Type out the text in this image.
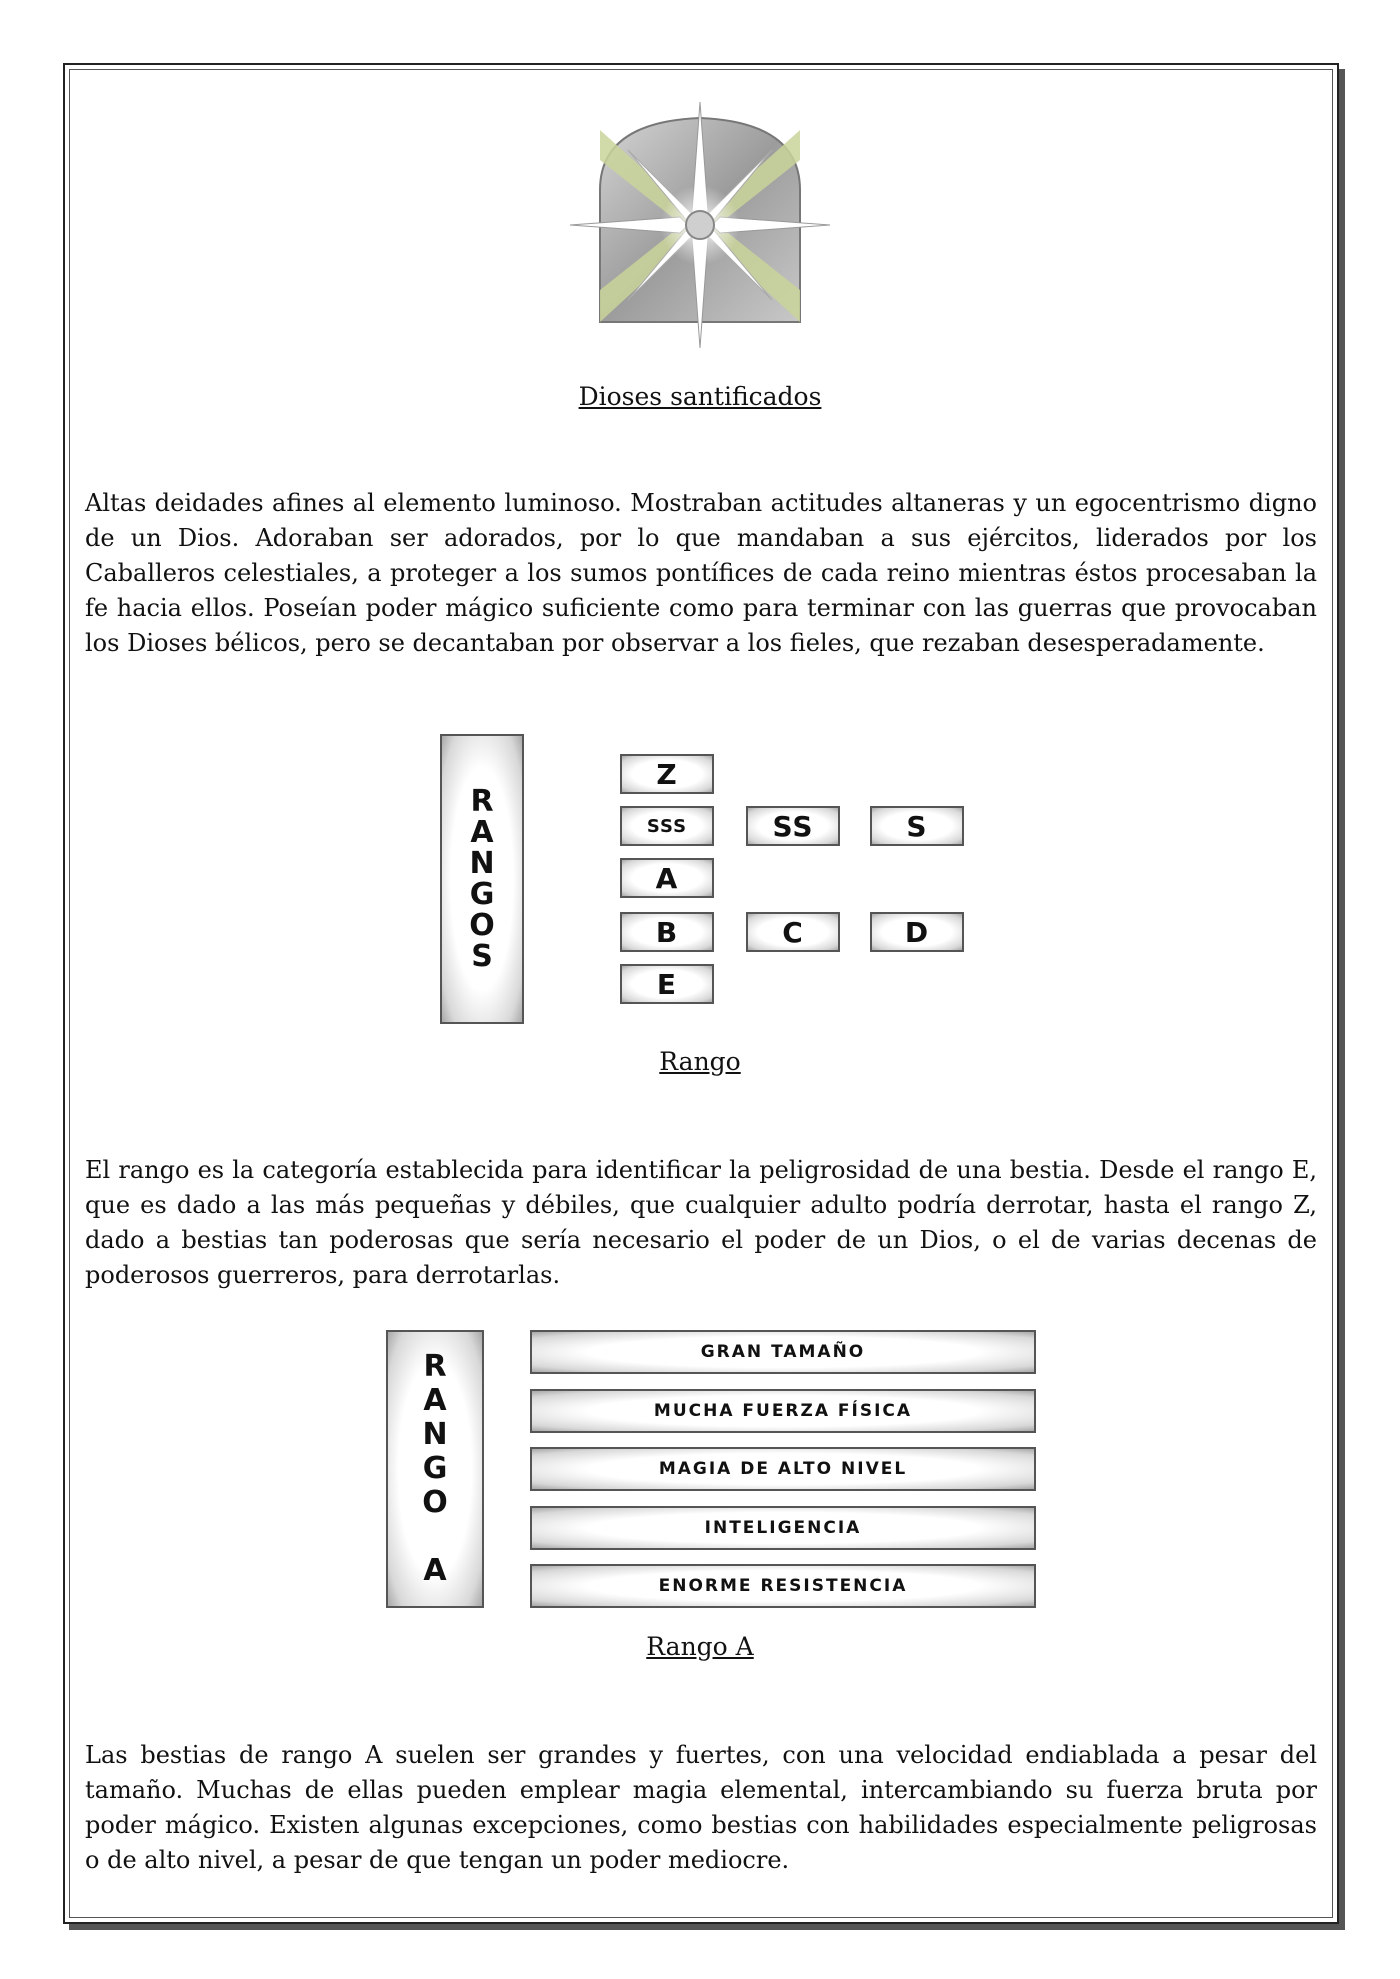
Dioses santificados

Altas deidades afines al elemento luminoso. Mostraban actitudes altaneras y un egocentrismo digno de un Dios. Adoraban ser adorados, por lo que mandaban a sus ejércitos, liderados por los Caballeros celestiales, a proteger a los sumos pontífices de cada reino mientras éstos procesaban la fe hacia ellos. Poseían poder mágico suficiente como para terminar con las guerras que provocaban los Dioses bélicos, pero se decantaban por observar a los fieles, que rezaban desesperadamente.

R
A
N
G
O
S
Z
SSS	SS	S
A
B	C	D
E
Rango

El rango es la categoría establecida para identificar la peligrosidad de una bestia. Desde el rango E, que es dado a las más pequeñas y débiles, que cualquier adulto podría derrotar, hasta el rango Z, dado a bestias tan poderosas que sería necesario el poder de un Dios, o el de varias decenas de poderosos guerreros, para derrotarlas.

R
A
N
G
O
A
GRAN TAMAÑO
MUCHA FUERZA FÍSICA
MAGIA DE ALTO NIVEL
INTELIGENCIA
ENORME RESISTENCIA
Rango A

Las bestias de rango A suelen ser grandes y fuertes, con una velocidad endiablada a pesar del tamaño. Muchas de ellas pueden emplear magia elemental, intercambiando su fuerza bruta por poder mágico. Existen algunas excepciones, como bestias con habilidades especialmente peligrosas o de alto nivel, a pesar de que tengan un poder mediocre.
